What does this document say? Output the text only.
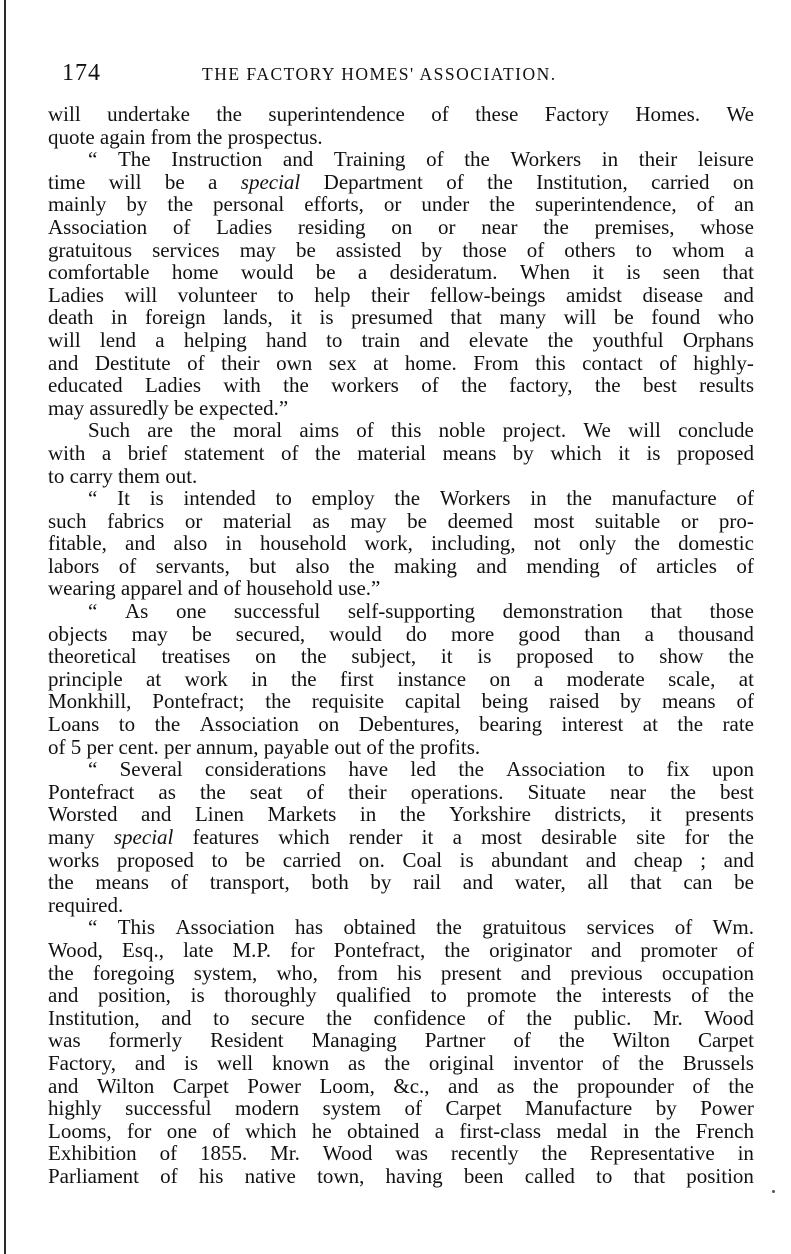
174	THE FACTORY HOMES' ASSOCIATION.
will undertake the superintendence of these Factory Homes. We
quote again from the prospectus.
“ The Instruction and Training of the Workers in their leisure
time will be a special Department of the Institution, carried on
mainly by the personal efforts, or under the superintendence, of an
Association of Ladies residing on or near the premises, whose
gratuitous services may be assisted by those of others to whom a
comfortable home would be a desideratum. When it is seen that
Ladies will volunteer to help their fellow-beings amidst disease and
death in foreign lands, it is presumed that many will be found who
will lend a helping hand to train and elevate the youthful Orphans
and Destitute of their own sex at home. From this contact of highly-
educated Ladies with the workers of the factory, the best results
may assuredly be expected.”
Such are the moral aims of this noble project. We will conclude
with a brief statement of the material means by which it is proposed
to carry them out.
“ It is intended to employ the Workers in the manufacture of
such fabrics or material as may be deemed most suitable or pro-
fitable, and also in household work, including, not only the domestic
labors of servants, but also the making and mending of articles of
wearing apparel and of household use.”
“ As one successful self-supporting demonstration that those
objects may be secured, would do more good than a thousand
theoretical treatises on the subject, it is proposed to show the
principle at work in the first instance on a moderate scale, at
Monkhill, Pontefract; the requisite capital being raised by means of
Loans to the Association on Debentures, bearing interest at the rate
of 5 per cent. per annum, payable out of the profits.
“ Several considerations have led the Association to fix upon
Pontefract as the seat of their operations. Situate near the best
Worsted and Linen Markets in the Yorkshire districts, it presents
many special features which render it a most desirable site for the
works proposed to be carried on. Coal is abundant and cheap ; and
the means of transport, both by rail and water, all that can be
required.
“ This Association has obtained the gratuitous services of Wm.
Wood, Esq., late M.P. for Pontefract, the originator and promoter of
the foregoing system, who, from his present and previous occupation
and position, is thoroughly qualified to promote the interests of the
Institution, and to secure the confidence of the public. Mr. Wood
was formerly Resident Managing Partner of the Wilton Carpet
Factory, and is well known as the original inventor of the Brussels
and Wilton Carpet Power Loom, &c., and as the propounder of the
highly successful modern system of Carpet Manufacture by Power
Looms, for one of which he obtained a first-class medal in the French
Exhibition of 1855. Mr. Wood was recently the Representative in
Parliament of his native town, having been called to that position
